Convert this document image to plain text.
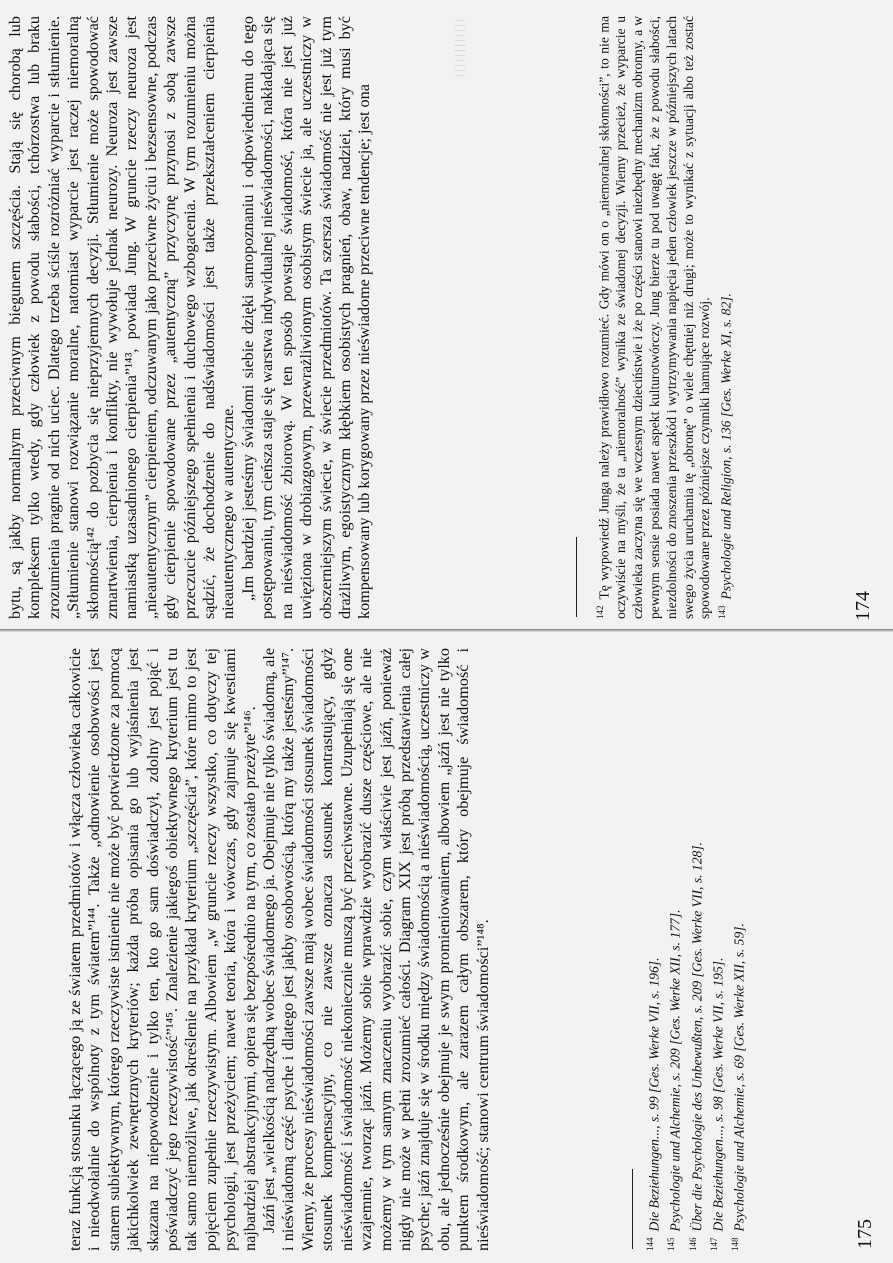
bytu, są jakby normalnym przeciwnym biegunem szczęścia. Stają się chorobą lub kompleksem tylko wtedy, gdy człowiek z powodu słabości, tchórzostwa lub braku zrozumienia pragnie od nich uciec. Dlatego trzeba ściśle rozróżniać wyparcie i stłumienie. „Stłumienie stanowi rozwiązanie moralne, natomiast wyparcie jest raczej niemoralną skłonnością¹⁴² do pozbycia się nieprzyjemnych decyzji. Stłumienie może spowodować zmartwienia, cierpienia i konflikty, nie wywołuje jednak neurozy. Neuroza jest zawsze namiastką uzasadnionego cierpienia”¹⁴³, powiada Jung. W gruncie rzeczy neuroza jest „nieautentycznym” cierpieniem, odczuwanym jako przeciwne życiu i bezsensowne, podczas gdy cierpienie spowodowane przez „autentyczną” przyczynę przynosi z sobą zawsze przeczucie późniejszego spełnienia i duchowego wzbogacenia. W tym rozumieniu można sądzić, że dochodzenie do nadświadomości jest także przekształceniem cierpienia nieautentycznego w autentyczne. „Im bardziej jesteśmy świadomi siebie dzięki samopoznaniu i odpowiedniemu do tego postępowaniu, tym cieńsza staje się warstwa indywidualnej nieświadomości, nakładająca się na nieświadomość zbiorową. W ten sposób powstaje świadomość, która nie jest już uwięziona w drobiazgowym, przewrażliwionym osobistym świecie ja, ale uczestniczy w obszerniejszym świecie, w świecie przedmiotów. Ta szersza świadomość nie jest już tym drażliwym, egoistycznym kłębkiem osobistych pragnień, obaw, nadziei, który musi być kompensowany lub korygowany przez nieświadome przeciwne tendencje; jest ona	$^{142}$Tę wypowiedź Junga należy prawidłowo rozumieć. Gdy mówi on o „niemoralnej skłonności”, to nie ma oczywiście na myśli, że ta „niemoralność” wynika ze świadomej decyzji. Wiemy przecież, że wyparcie u człowieka zaczyna się we wczesnym dzieciństwie i że po części stanowi niezbędny mechanizm obronny, a w pewnym sensie posiada nawet aspekt kulturotwórczy. Jung bierze tu pod uwagę fakt, że z powodu słabości, niezdolności do znoszenia przeszkód i wytrzymywania napięcia jeden człowiek jeszcze w późniejszych latach swego życia uruchamia tę „obronę” o wiele chętniej niż drugi; może to wynikać z sytuacji albo też zostać spowodowane przez późniejsze czynniki hamujące rozwój. $^{143}$Psychologie und Religion, s. 136 [Ges. Werke XI, s. 82].

174

teraz funkcją stosunku łączącego ją ze światem przedmiotów i włącza człowieka całkowicie i nieodwołalnie do wspólnoty z tym światem”¹⁴⁴. Także „odnowienie osobowości jest stanem subiektywnym, którego rzeczywiste istnienie nie może być potwierdzone za pomocą jakichkolwiek zewnętrznych kryteriów; każda próba opisania go lub wyjaśnienia jest skazana na niepowodzenie i tylko ten, kto go sam doświadczył, zdolny jest pojąć i poświadczyć jego rzeczywistość”¹⁴⁵. Znalezienie jakiegoś obiektywnego kryterium jest tu tak samo niemożliwe, jak określenie na przykład kryterium „szczęścia”, które mimo to jest pojęciem zupełnie rzeczywistym. Albowiem „w gruncie rzeczy wszystko, co dotyczy tej psychologii, jest przeżyciem; nawet teoria, która i wówczas, gdy zajmuje się kwestiami najbardziej abstrakcyjnymi, opiera się bezpośrednio na tym, co zostało przeżyte”¹⁴⁶. Jaźń jest „wielkością nadrzędną wobec świadomego ja. Obejmuje nie tylko świadomą, ale i nieświadomą część psyche i dlatego jest jakby osobowością, którą my także jesteśmy”¹⁴⁷. Wiemy, że procesy nieświadomości zawsze mają wobec świadomości stosunek świadomości stosunek kompensacyjny, co nie zawsze oznacza stosunek kontrastujący, gdyż nieświadomość i świadomość niekoniecznie muszą być przeciwstawne. Uzupełniają się one wzajemnie, tworząc jaźń. Możemy sobie wprawdzie wyobrazić dusze częściowe, ale nie możemy w tym samym znaczeniu wyobrazić sobie, czym właściwie jest jaźń, ponieważ nigdy nie może w pełni zrozumieć całości. Diagram XIX jest próbą przedstawienia całej psyche; jaźń znajduje się w środku między świadomością a nieświadomością, uczestniczy w obu, ale jednocześnie obejmuje je swym promieniowaniem, albowiem „jaźń jest nie tylko punktem środkowym, ale zarazem całym obszarem, który obejmuje świadomość i nieświadomość; stanowi centrum świadomości”¹⁴⁸.	$^{144}$Die Beziehungen..., s. 99 [Ges. Werke VII, s. 196].

$^{145}$Psychologie und Alchemie, s. 209 [Ges. Werke XII, s. 177].

$^{146}$Über die Psychologie des Unbewußten, s. 209 [Ges. Werke VII, s. 128].

$^{147}$Die Beziehungen..., s. 98 [Ges. Werke VII, s. 195].

$^{148}$Psychologie und Alchemie, s. 69 [Ges. Werke XII, s. 59].

175
